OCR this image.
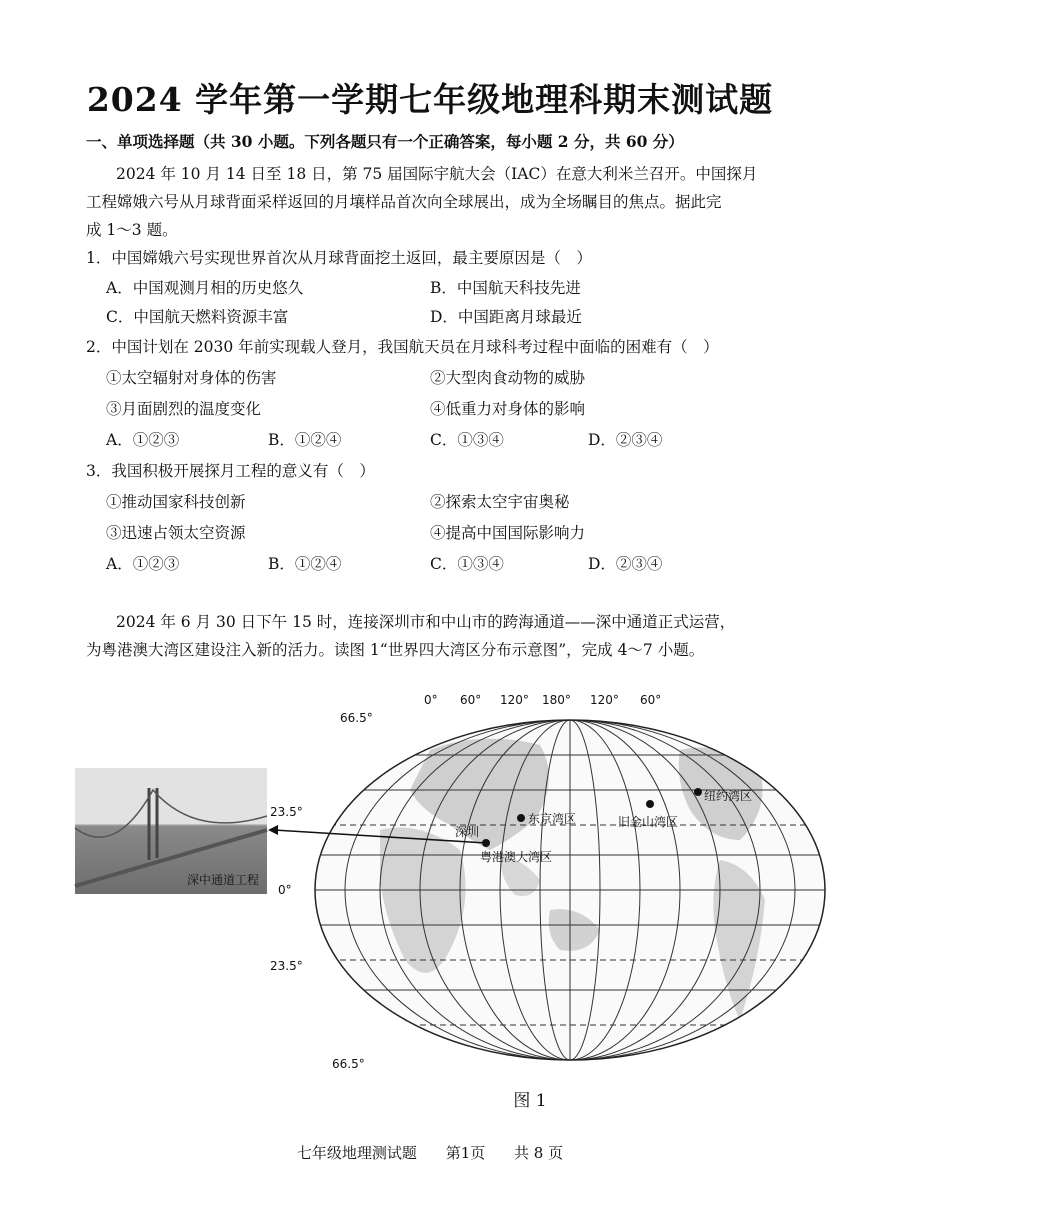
2024 学年第一学期七年级地理科期末测试题
一、单项选择题（共 30 小题。下列各题只有一个正确答案，每小题 2 分，共 60 分）
2024 年 10 月 14 日至 18 日，第 75 届国际宇航大会（IAC）在意大利米兰召开。中国探月
工程嫦娥六号从月球背面采样返回的月壤样品首次向全球展出，成为全场瞩目的焦点。据此完
成 1～3 题。
1．中国嫦娥六号实现世界首次从月球背面挖土返回，最主要原因是（　）
A．中国观测月相的历史悠久	B．中国航天科技先进
C．中国航天燃料资源丰富	D．中国距离月球最近
2．中国计划在 2030 年前实现载人登月，我国航天员在月球科考过程中面临的困难有（　）
①太空辐射对身体的伤害	②大型肉食动物的威胁
③月面剧烈的温度变化	④低重力对身体的影响
A．①②③	B．①②④	C．①③④	D．②③④
3．我国积极开展探月工程的意义有（　）
①推动国家科技创新	②探索太空宇宙奥秘
③迅速占领太空资源	④提高中国国际影响力
A．①②③	B．①②④	C．①③④	D．②③④
2024 年 6 月 30 日下午 15 时，连接深圳市和中山市的跨海通道——深中通道正式运营，
为粤港澳大湾区建设注入新的活力。读图 1“世界四大湾区分布示意图”，完成 4～7 小题。
深中通道工程
0° 60° 120° 180° 120° 60°
66.5°
23.5°
0°
23.5°
66.5°
东京湾区	旧金山湾区
纽约湾区
深圳
粤港澳大湾区
图 1
七年级地理测试题 第1页 共 8 页
